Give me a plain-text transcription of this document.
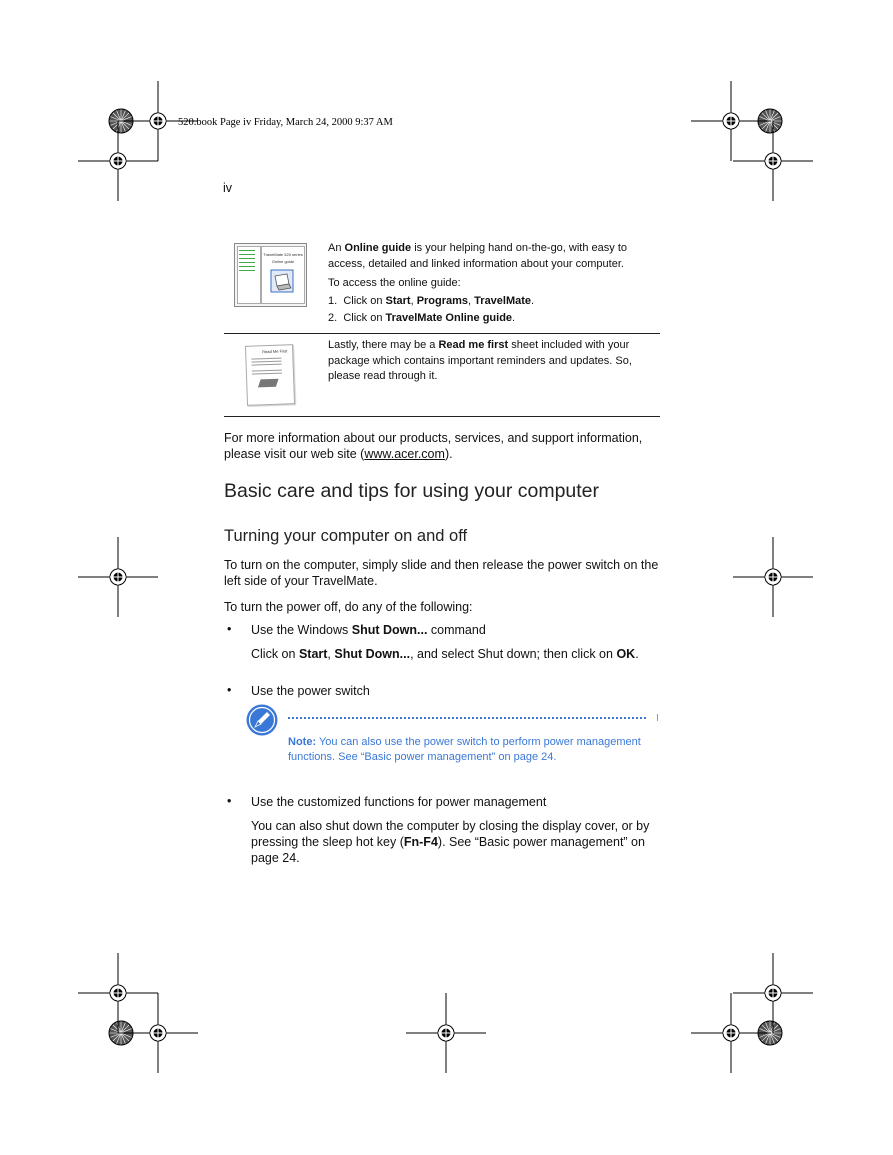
520.book Page iv Friday, March 24, 2000 9:37 AM
iv
TravelMate 520 series
Online guide

An Online guide is your helping hand on-the-go, with easy to access, detailed and linked information about your computer.

To access the online guide:

1. Click on Start, Programs, TravelMate.

2. Click on TravelMate Online guide.

Read Me First

Lastly, there may be a Read me first sheet included with your package which contains important reminders and updates. So, please read through it.

For more information about our products, services, and support information, please visit our web site (www.acer.com).

Basic care and tips for using your computer
Turning your computer on and off

To turn on the computer, simply slide and then release the power switch on the left side of your TravelMate.

To turn the power off, do any of the following:

• Use the Windows Shut Down... command

Click on Start, Shut Down..., and select Shut down; then click on OK.

• Use the power switch

Note: You can also use the power switch to perform power management functions. See “Basic power management” on page 24.

• Use the customized functions for power management

You can also shut down the computer by closing the display cover, or by pressing the sleep hot key (Fn-F4). See “Basic power management” on page 24.
